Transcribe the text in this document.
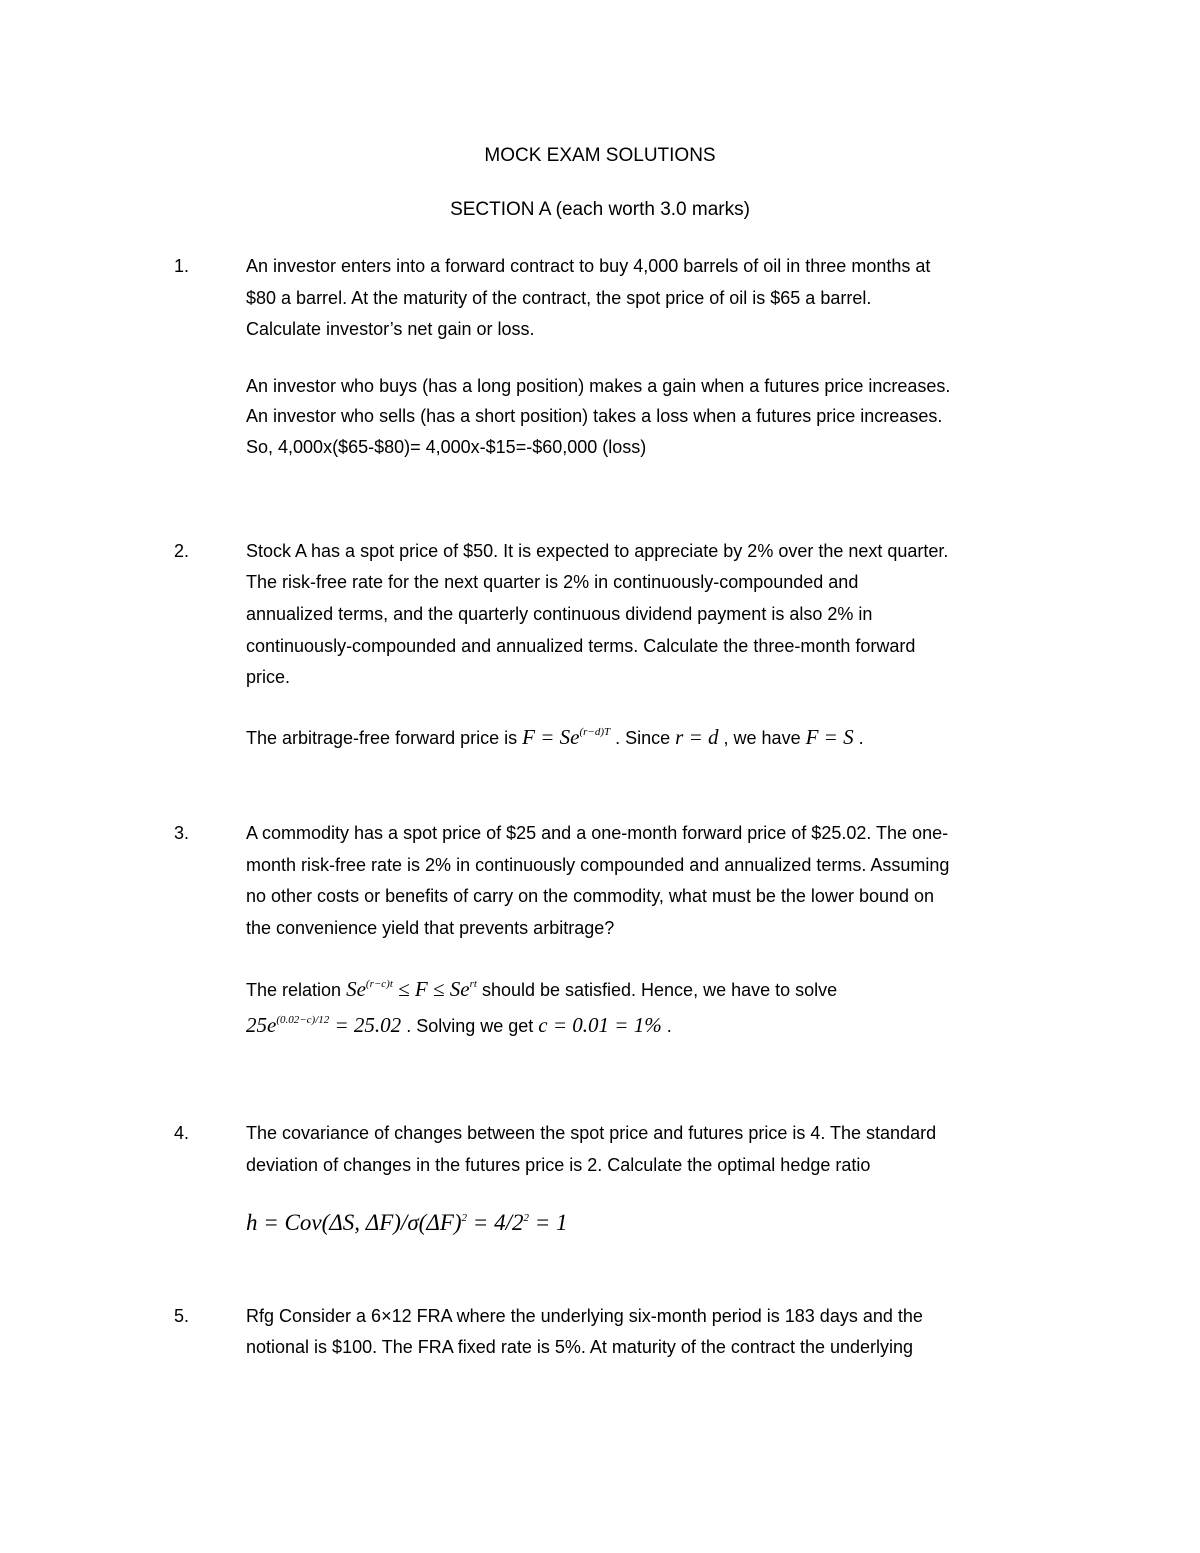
MOCK EXAM SOLUTIONS
SECTION A (each worth 3.0 marks)
1.	An investor enters into a forward contract to buy 4,000 barrels of oil in three months at
$80 a barrel. At the maturity of the contract, the spot price of oil is $65 a barrel.
Calculate investor’s net gain or loss.
An investor who buys (has a long position) makes a gain when a futures price increases.
An investor who sells (has a short position) takes a loss when a futures price increases.
So, 4,000x($65-$80)= 4,000x-$15=-$60,000 (loss)
2.	Stock A has a spot price of $50. It is expected to appreciate by 2% over the next quarter.
The risk-free rate for the next quarter is 2% in continuously-compounded and
annualized terms, and the quarterly continuous dividend payment is also 2% in
continuously-compounded and annualized terms. Calculate the three-month forward
price.
The arbitrage-free forward price is $F = Se^{(r-d)T}$ . Since r = d , we have F = S .
3.	A commodity has a spot price of $25 and a one-month forward price of $25.02. The one-
month risk-free rate is 2% in continuously compounded and annualized terms. Assuming
no other costs or benefits of carry on the commodity, what must be the lower bound on
the convenience yield that prevents arbitrage?
The relation $Se^{(r-c)t} \le F \le Se^{rt}$ should be satisfied. Hence, we have to solve
$25e^{(0.02-c)/12} = 25.02$ . Solving we get c = 0.01 = 1% .
4.	The covariance of changes between the spot price and futures price is 4. The standard
deviation of changes in the futures price is 2. Calculate the optimal hedge ratio
h = Cov(ΔS, $\Delta F)/\sigma(\Delta F)^2 = 4/2^2 = 1$
5.	Rfg Consider a 6×12 FRA where the underlying six-month period is 183 days and the
notional is $100. The FRA fixed rate is 5%. At maturity of the contract the underlying
